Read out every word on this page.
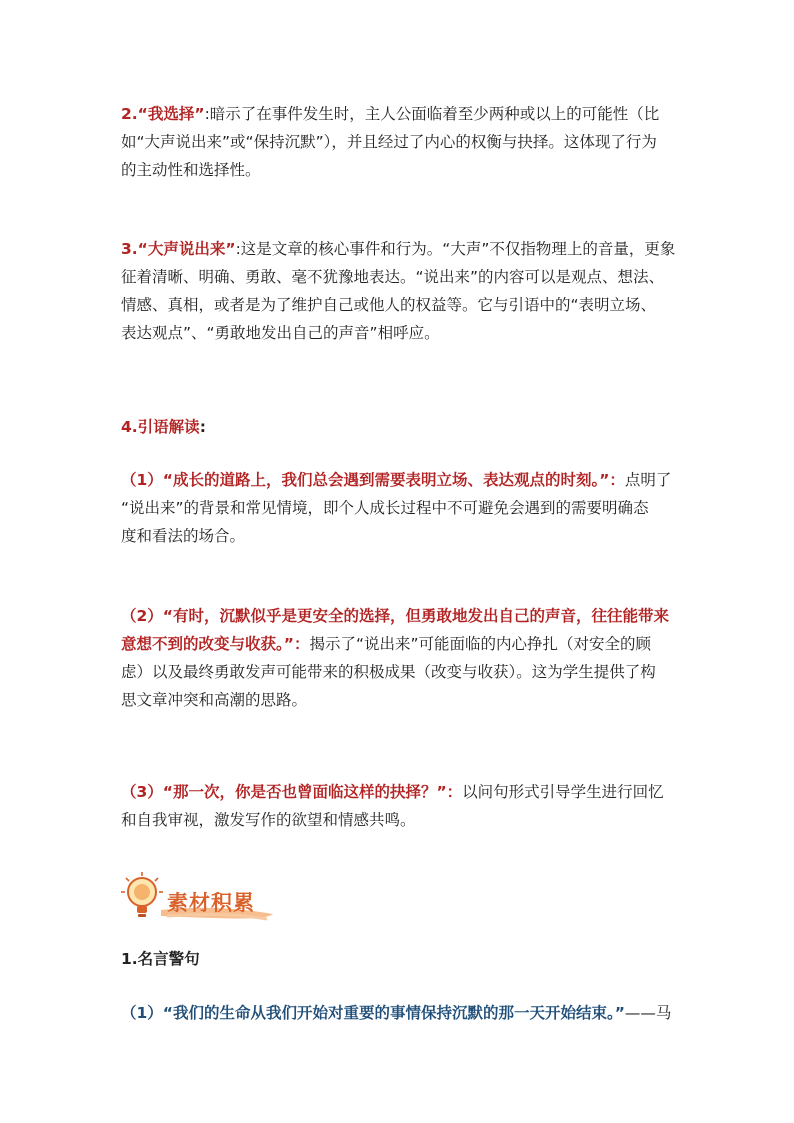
2.“我选择”:暗示了在事件发生时，主人公面临着至少两种或以上的可能性（比
如“大声说出来”或“保持沉默”），并且经过了内心的权衡与抉择。这体现了行为
的主动性和选择性。
3.“大声说出来”:这是文章的核心事件和行为。“大声”不仅指物理上的音量，更象
征着清晰、明确、勇敢、毫不犹豫地表达。“说出来”的内容可以是观点、想法、
情感、真相，或者是为了维护自己或他人的权益等。它与引语中的“表明立场、
表达观点”、“勇敢地发出自己的声音”相呼应。
4.引语解读:
（1）“成长的道路上，我们总会遇到需要表明立场、表达观点的时刻。”：点明了
“说出来”的背景和常见情境，即个人成长过程中不可避免会遇到的需要明确态
度和看法的场合。
（2）“有时，沉默似乎是更安全的选择，但勇敢地发出自己的声音，往往能带来
意想不到的改变与收获。”：揭示了“说出来”可能面临的内心挣扎（对安全的顾
虑）以及最终勇敢发声可能带来的积极成果（改变与收获）。这为学生提供了构
思文章冲突和高潮的思路。
（3）“那一次，你是否也曾面临这样的抉择？”：以问句形式引导学生进行回忆
和自我审视，激发写作的欲望和情感共鸣。
素材积累
1.名言警句
（1）“我们的生命从我们开始对重要的事情保持沉默的那一天开始结束。”——马
